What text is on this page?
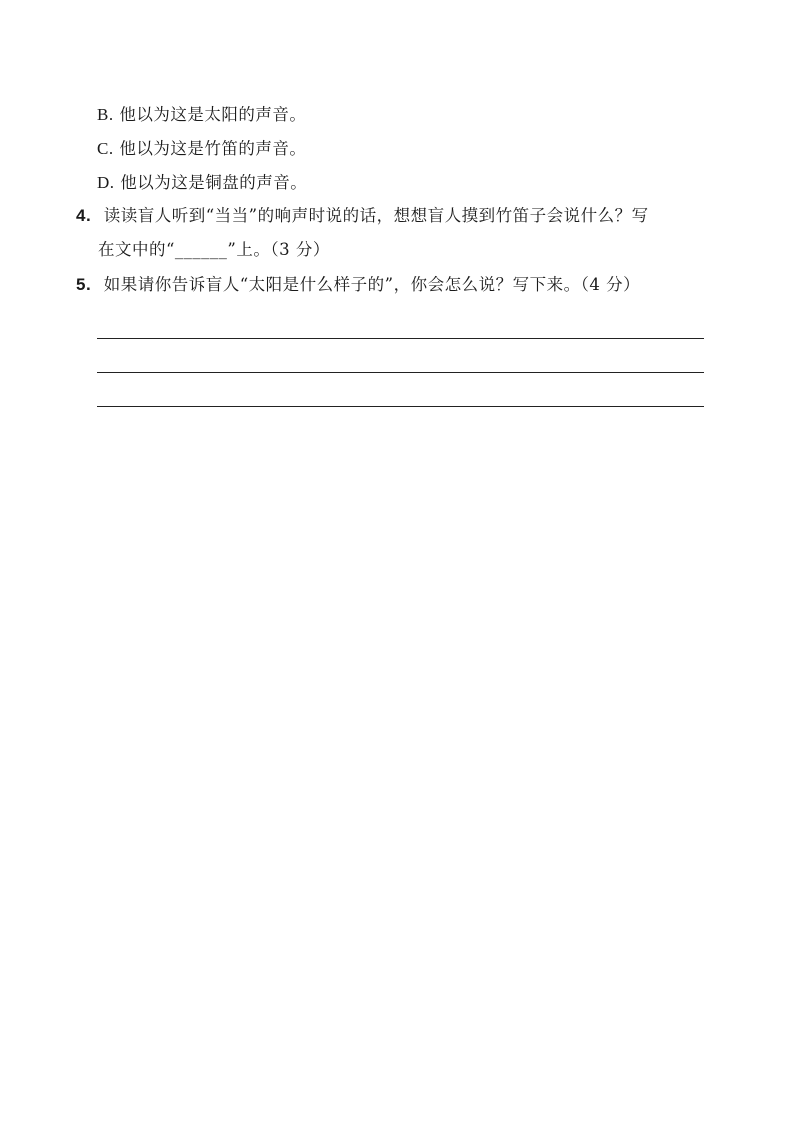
B. 他以为这是太阳的声音。
C. 他以为这是竹笛的声音。
D. 他以为这是铜盘的声音。
4. 读读盲人听到“当当”的响声时说的话，想想盲人摸到竹笛子会说什么？写
在文中的“______”上。（3 分）
5. 如果请你告诉盲人“太阳是什么样子的”，你会怎么说？写下来。（4 分）
